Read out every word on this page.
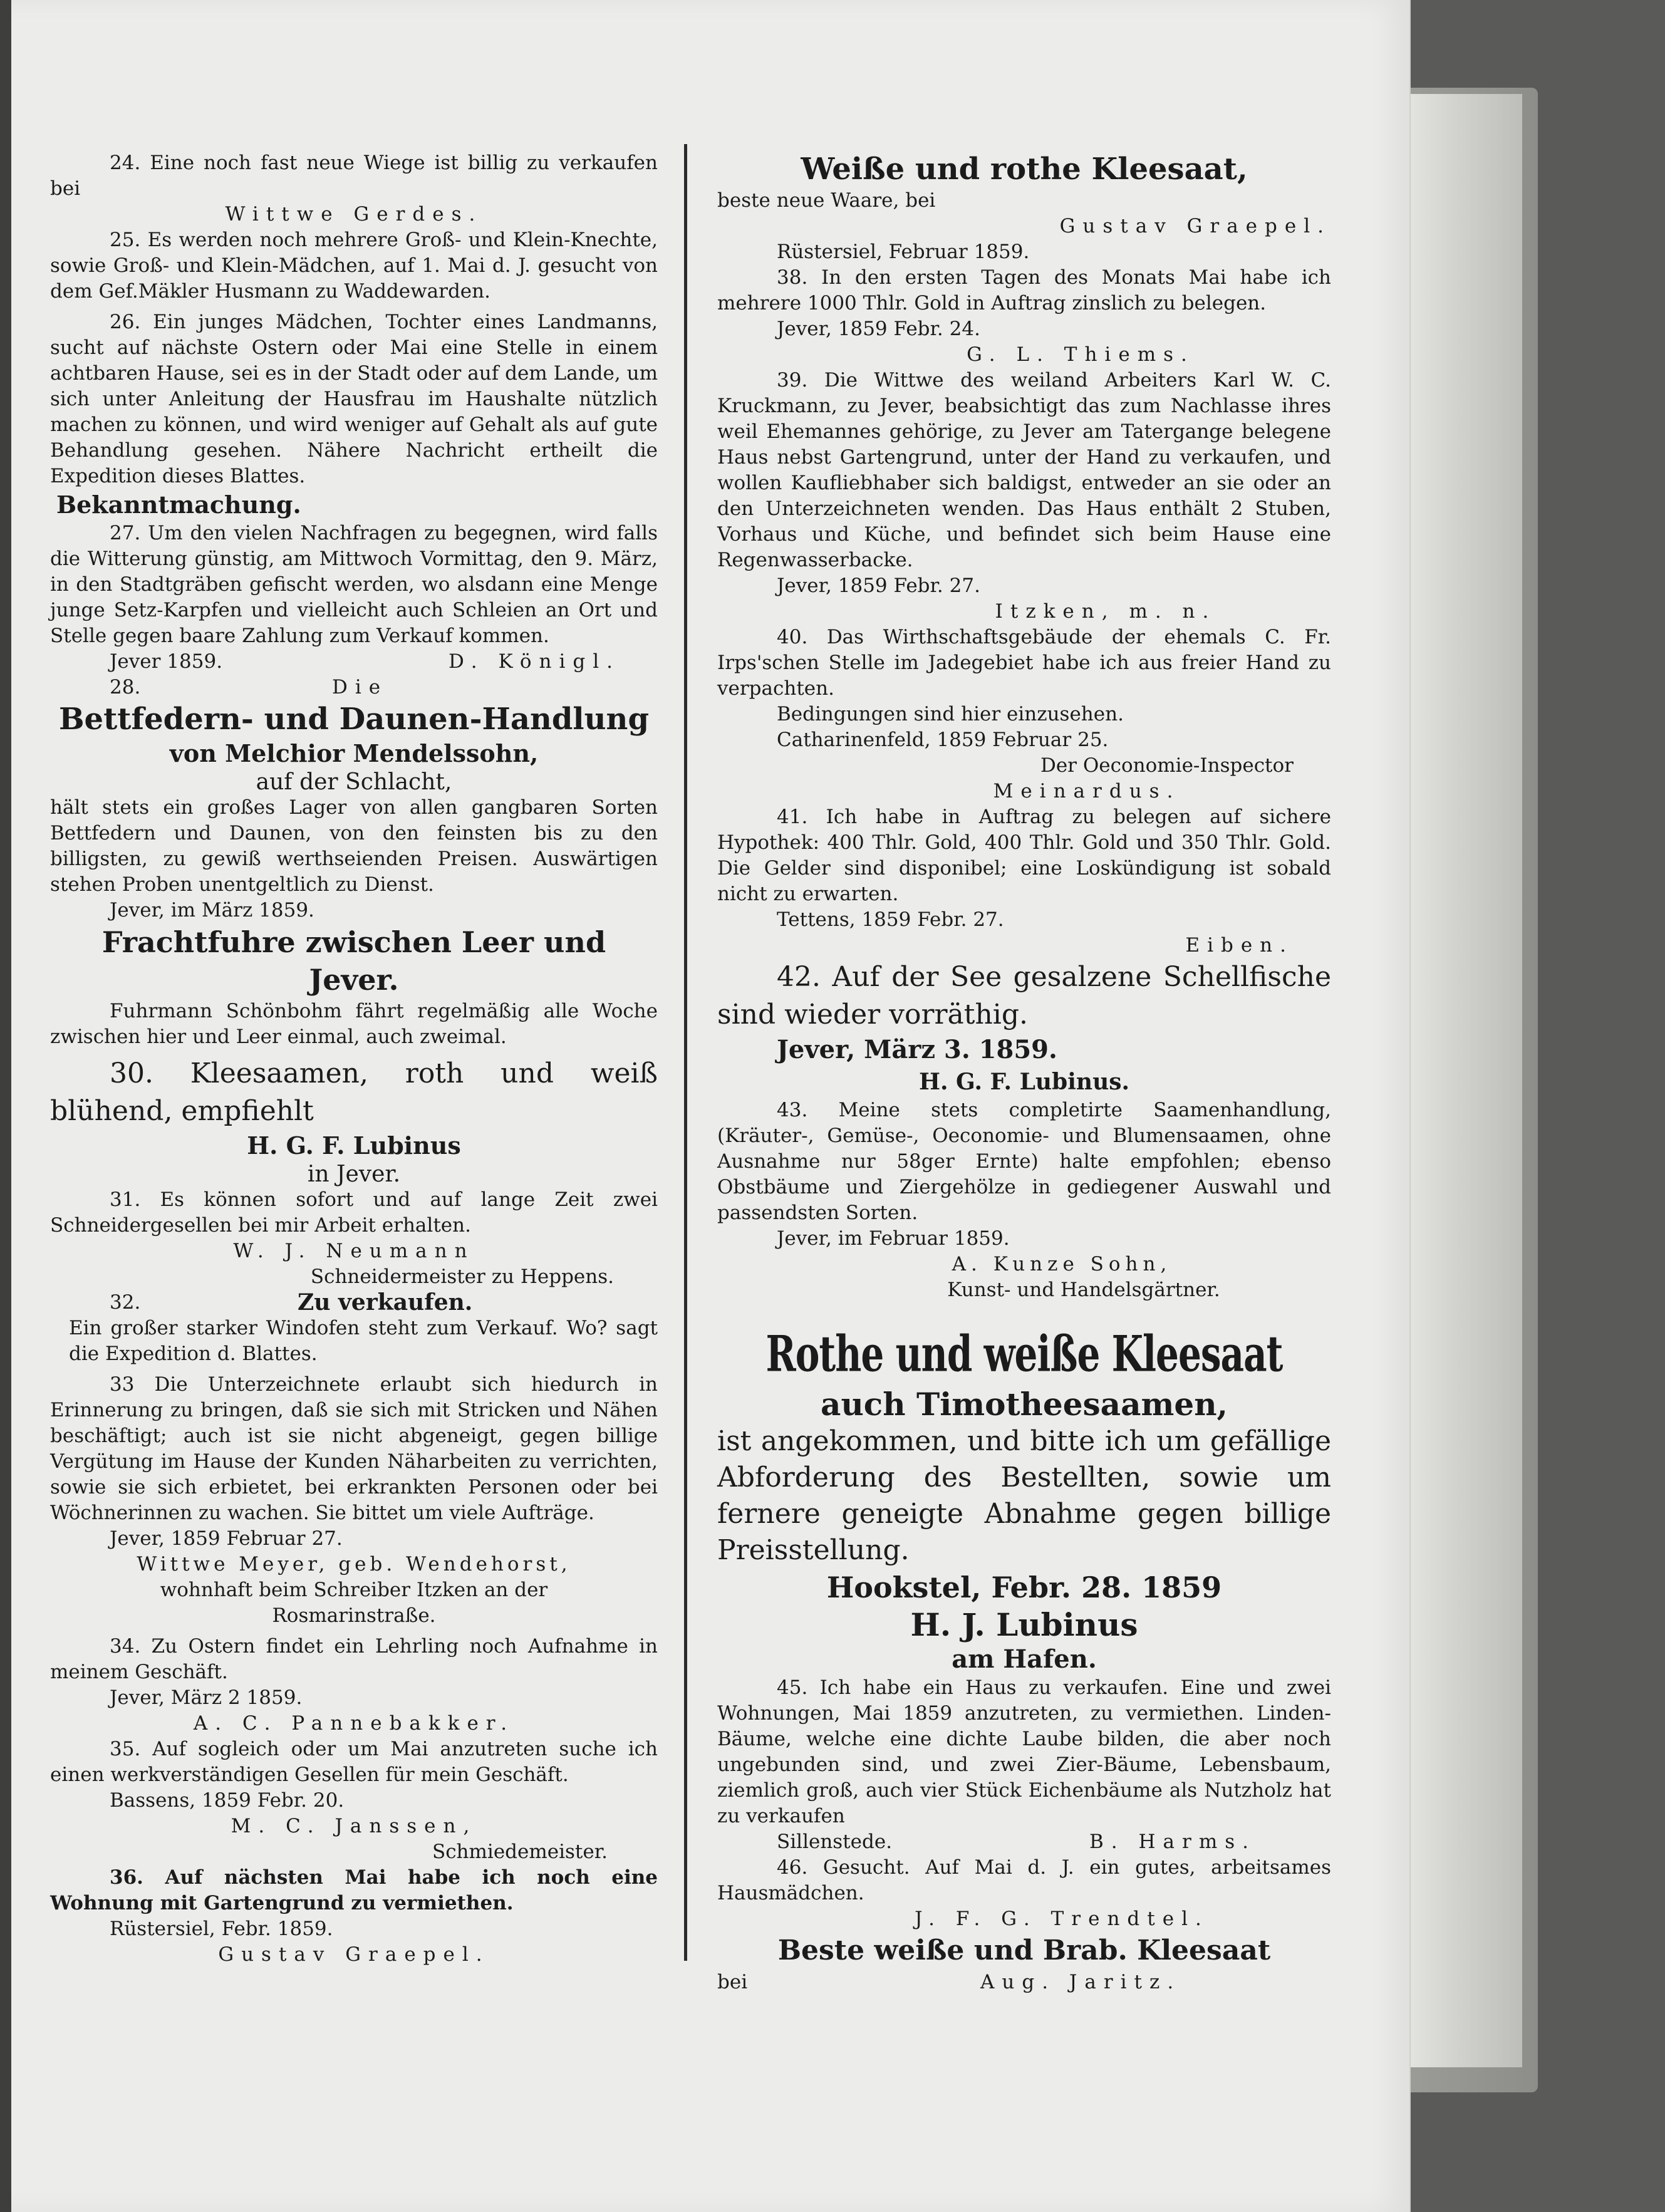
24. Eine noch fast neue Wiege ist billig zu verkaufen bei

Wittwe Gerdes.

25. Es werden noch mehrere Groß- und Klein-Knechte, sowie Groß- und Klein-Mädchen, auf 1. Mai d. J. gesucht von dem Gef.Mäkler Husmann zu Waddewarden.

26. Ein junges Mädchen, Tochter eines Landmanns, sucht auf nächste Ostern oder Mai eine Stelle in einem achtbaren Hause, sei es in der Stadt oder auf dem Lande, um sich unter Anleitung der Hausfrau im Haushalte nützlich machen zu können, und wird weniger auf Gehalt als auf gute Behandlung gesehen. Nähere Nachricht ertheilt die Expedition dieses Blattes.

Bekanntmachung.

27. Um den vielen Nachfragen zu begegnen, wird falls die Witterung günstig, am Mittwoch Vormittag, den 9. März, in den Stadtgräben gefischt werden, wo alsdann eine Menge junge Setz-Karpfen und vielleicht auch Schleien an Ort und Stelle gegen baare Zahlung zum Verkauf kommen.

Jever 1859.	D. Königl.

28.	Die

Bettfedern- und Daunen-Handlung

von Melchior Mendelssohn,

auf der Schlacht,

hält stets ein großes Lager von allen gangbaren Sorten Bettfedern und Daunen, von den feinsten bis zu den billigsten, zu gewiß werthseienden Preisen. Auswärtigen stehen Proben unentgeltlich zu Dienst.

Jever, im März 1859.

Frachtfuhre zwischen Leer und

Jever.

Fuhrmann Schönbohm fährt regelmäßig alle Woche zwischen hier und Leer einmal, auch zweimal.

30. Kleesaamen, roth und weiß blühend, empfiehlt

H. G. F. Lubinus

in Jever.

31. Es können sofort und auf lange Zeit zwei Schneidergesellen bei mir Arbeit erhalten.

W. J. Neumann

Schneidermeister zu Heppens.

32.	Zu verkaufen.

Ein großer starker Windofen steht zum Verkauf. Wo? sagt die Expedition d. Blattes.

33 Die Unterzeichnete erlaubt sich hiedurch in Erinnerung zu bringen, daß sie sich mit Stricken und Nähen beschäftigt; auch ist sie nicht abgeneigt, gegen billige Vergütung im Hause der Kunden Näharbeiten zu verrichten, sowie sie sich erbietet, bei erkrankten Personen oder bei Wöchnerinnen zu wachen. Sie bittet um viele Aufträge.

Jever, 1859 Februar 27.

Wittwe Meyer, geb. Wendehorst,

wohnhaft beim Schreiber Itzken an der Rosmarinstraße.

34. Zu Ostern findet ein Lehrling noch Aufnahme in meinem Geschäft.

Jever, März 2 1859.

A. C. Pannebakker.

35. Auf sogleich oder um Mai anzutreten suche ich einen werkverständigen Gesellen für mein Geschäft.

Bassens, 1859 Febr. 20.

M. C. Janssen,

Schmiedemeister.

36. Auf nächsten Mai habe ich noch eine Wohnung mit Gartengrund zu vermiethen.

Rüstersiel, Febr. 1859.

Gustav Graepel.

Weiße und rothe Kleesaat,

beste neue Waare, bei

Gustav Graepel.

Rüstersiel, Februar 1859.

38. In den ersten Tagen des Monats Mai habe ich mehrere 1000 Thlr. Gold in Auftrag zinslich zu belegen.

Jever, 1859 Febr. 24.

G. L. Thiems.

39. Die Wittwe des weiland Arbeiters Karl W. C. Kruckmann, zu Jever, beabsichtigt das zum Nachlasse ihres weil Ehemannes gehörige, zu Jever am Tatergange belegene Haus nebst Gartengrund, unter der Hand zu verkaufen, und wollen Kaufliebhaber sich baldigst, entweder an sie oder an den Unterzeichneten wenden. Das Haus enthält 2 Stuben, Vorhaus und Küche, und befindet sich beim Hause eine Regenwasserbacke.

Jever, 1859 Febr. 27.

Itzken, m. n.

40. Das Wirthschaftsgebäude der ehemals C. Fr. Irps'schen Stelle im Jadegebiet habe ich aus freier Hand zu verpachten.

Bedingungen sind hier einzusehen.

Catharinenfeld, 1859 Februar 25.

Der Oeconomie-Inspector

Meinardus.

41. Ich habe in Auftrag zu belegen auf sichere Hypothek: 400 Thlr. Gold, 400 Thlr. Gold und 350 Thlr. Gold. Die Gelder sind disponibel; eine Loskündigung ist sobald nicht zu erwarten.

Tettens, 1859 Febr. 27.

Eiben.

42. Auf der See gesalzene Schellfische sind wieder vorräthig.

Jever, März 3. 1859.

H. G. F. Lubinus.

43. Meine stets completirte Saamenhandlung, (Kräuter-, Gemüse-, Oeconomie- und Blumensaamen, ohne Ausnahme nur 58ger Ernte) halte empfohlen; ebenso Obstbäume und Ziergehölze in gediegener Auswahl und passendsten Sorten.

Jever, im Februar 1859.

A. Kunze Sohn,

Kunst- und Handelsgärtner.

Rothe und weiße Kleesaat

auch Timotheesaamen,

ist angekommen, und bitte ich um gefällige Abforderung des Bestellten, sowie um fernere geneigte Abnahme gegen billige Preisstellung.

Hookstel, Febr. 28. 1859

H. J. Lubinus

am Hafen.

45. Ich habe ein Haus zu verkaufen. Eine und zwei Wohnungen, Mai 1859 anzutreten, zu vermiethen. Linden-Bäume, welche eine dichte Laube bilden, die aber noch ungebunden sind, und zwei Zier-Bäume, Lebensbaum, ziemlich groß, auch vier Stück Eichenbäume als Nutzholz hat zu verkaufen

Sillenstede.	B. Harms.

46. Gesucht. Auf Mai d. J. ein gutes, arbeitsames Hausmädchen.

J. F. G. Trendtel.

Beste weiße und Brab. Kleesaat

bei	Aug. Jaritz.
